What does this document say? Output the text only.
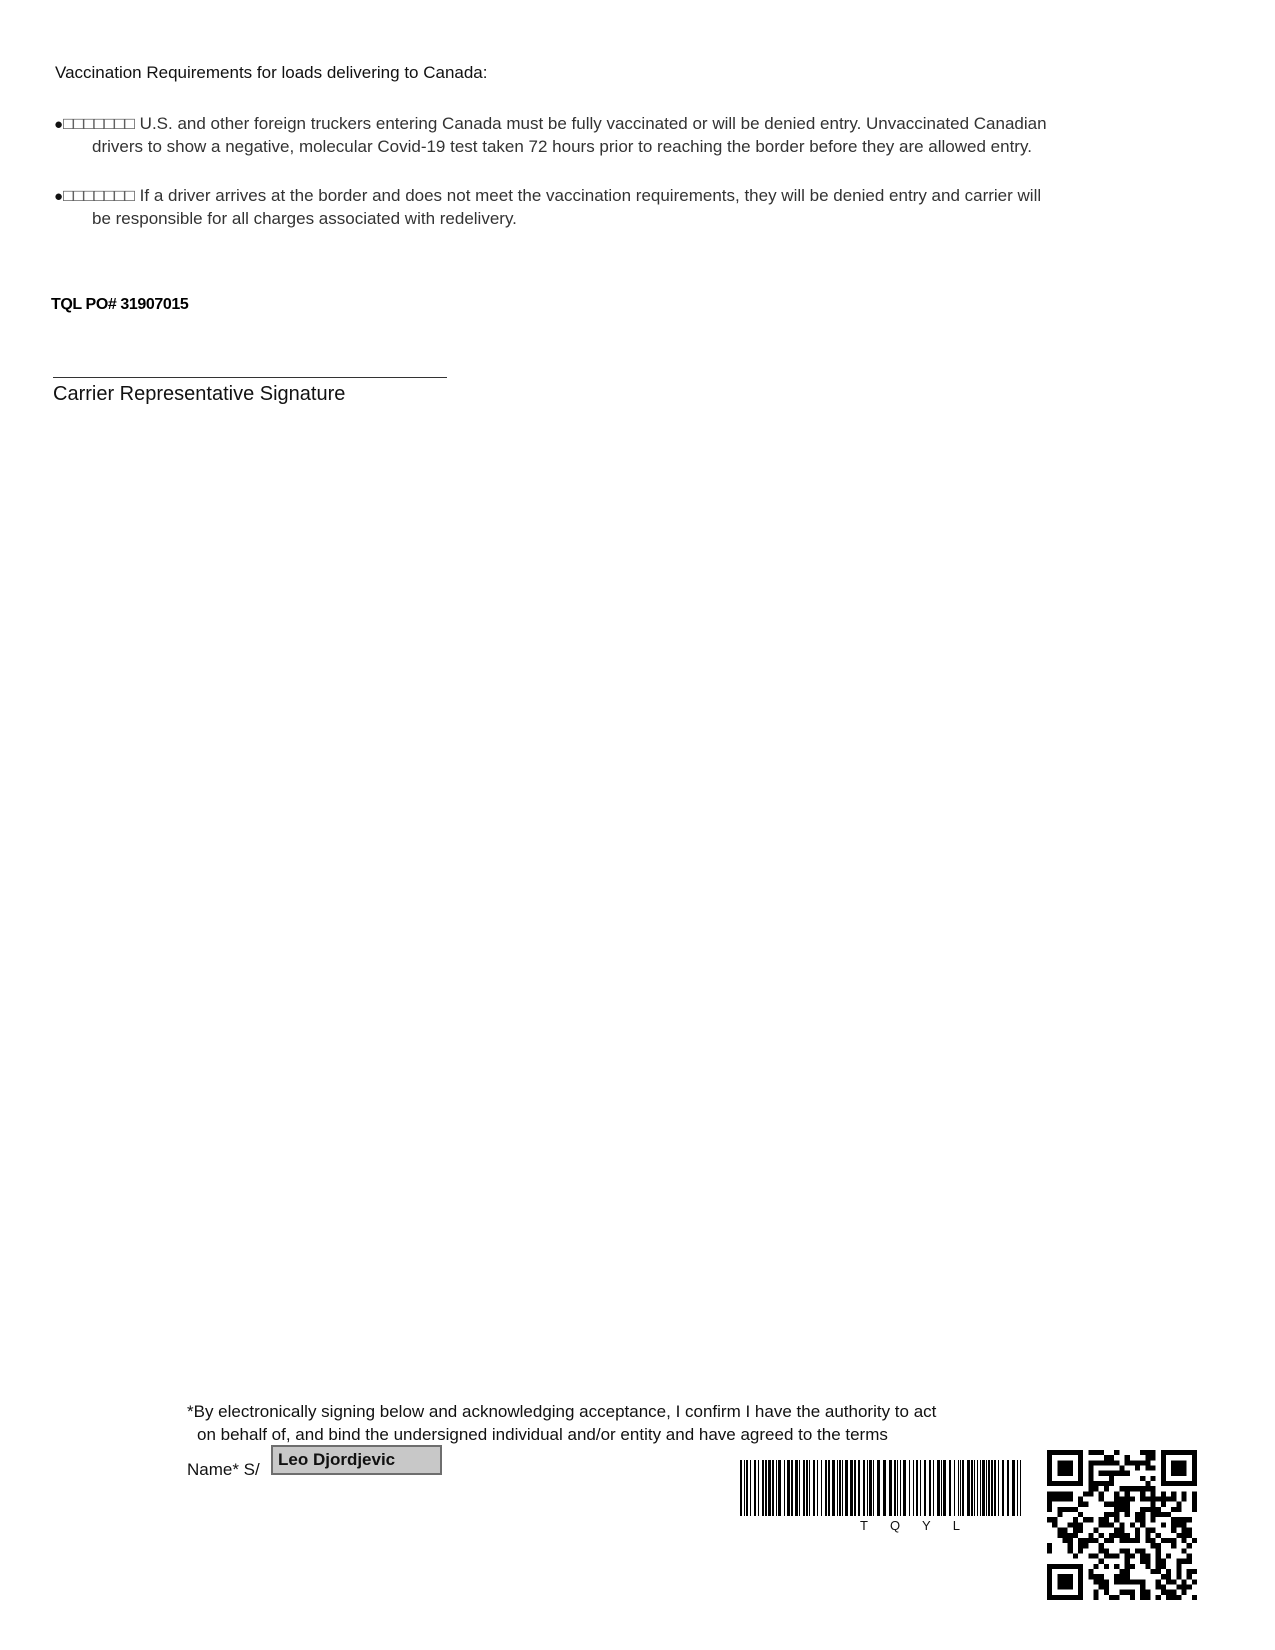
Vaccination Requirements for loads delivering to Canada:
●□□□□□□□ U.S. and other foreign truckers entering Canada must be fully vaccinated or will be denied entry. Unvaccinated Canadian
drivers to show a negative, molecular Covid-19 test taken 72 hours prior to reaching the border before they are allowed entry.
●□□□□□□□ If a driver arrives at the border and does not meet the vaccination requirements, they will be denied entry and carrier will
be responsible for all charges associated with redelivery.
TQL PO# 31907015
Carrier Representative Signature
*By electronically signing below and acknowledging acceptance, I confirm I have the authority to act
on behalf of, and bind the undersigned individual and/or entity and have agreed to the terms
Name* S/
Leo Djordjevic
TQYL
